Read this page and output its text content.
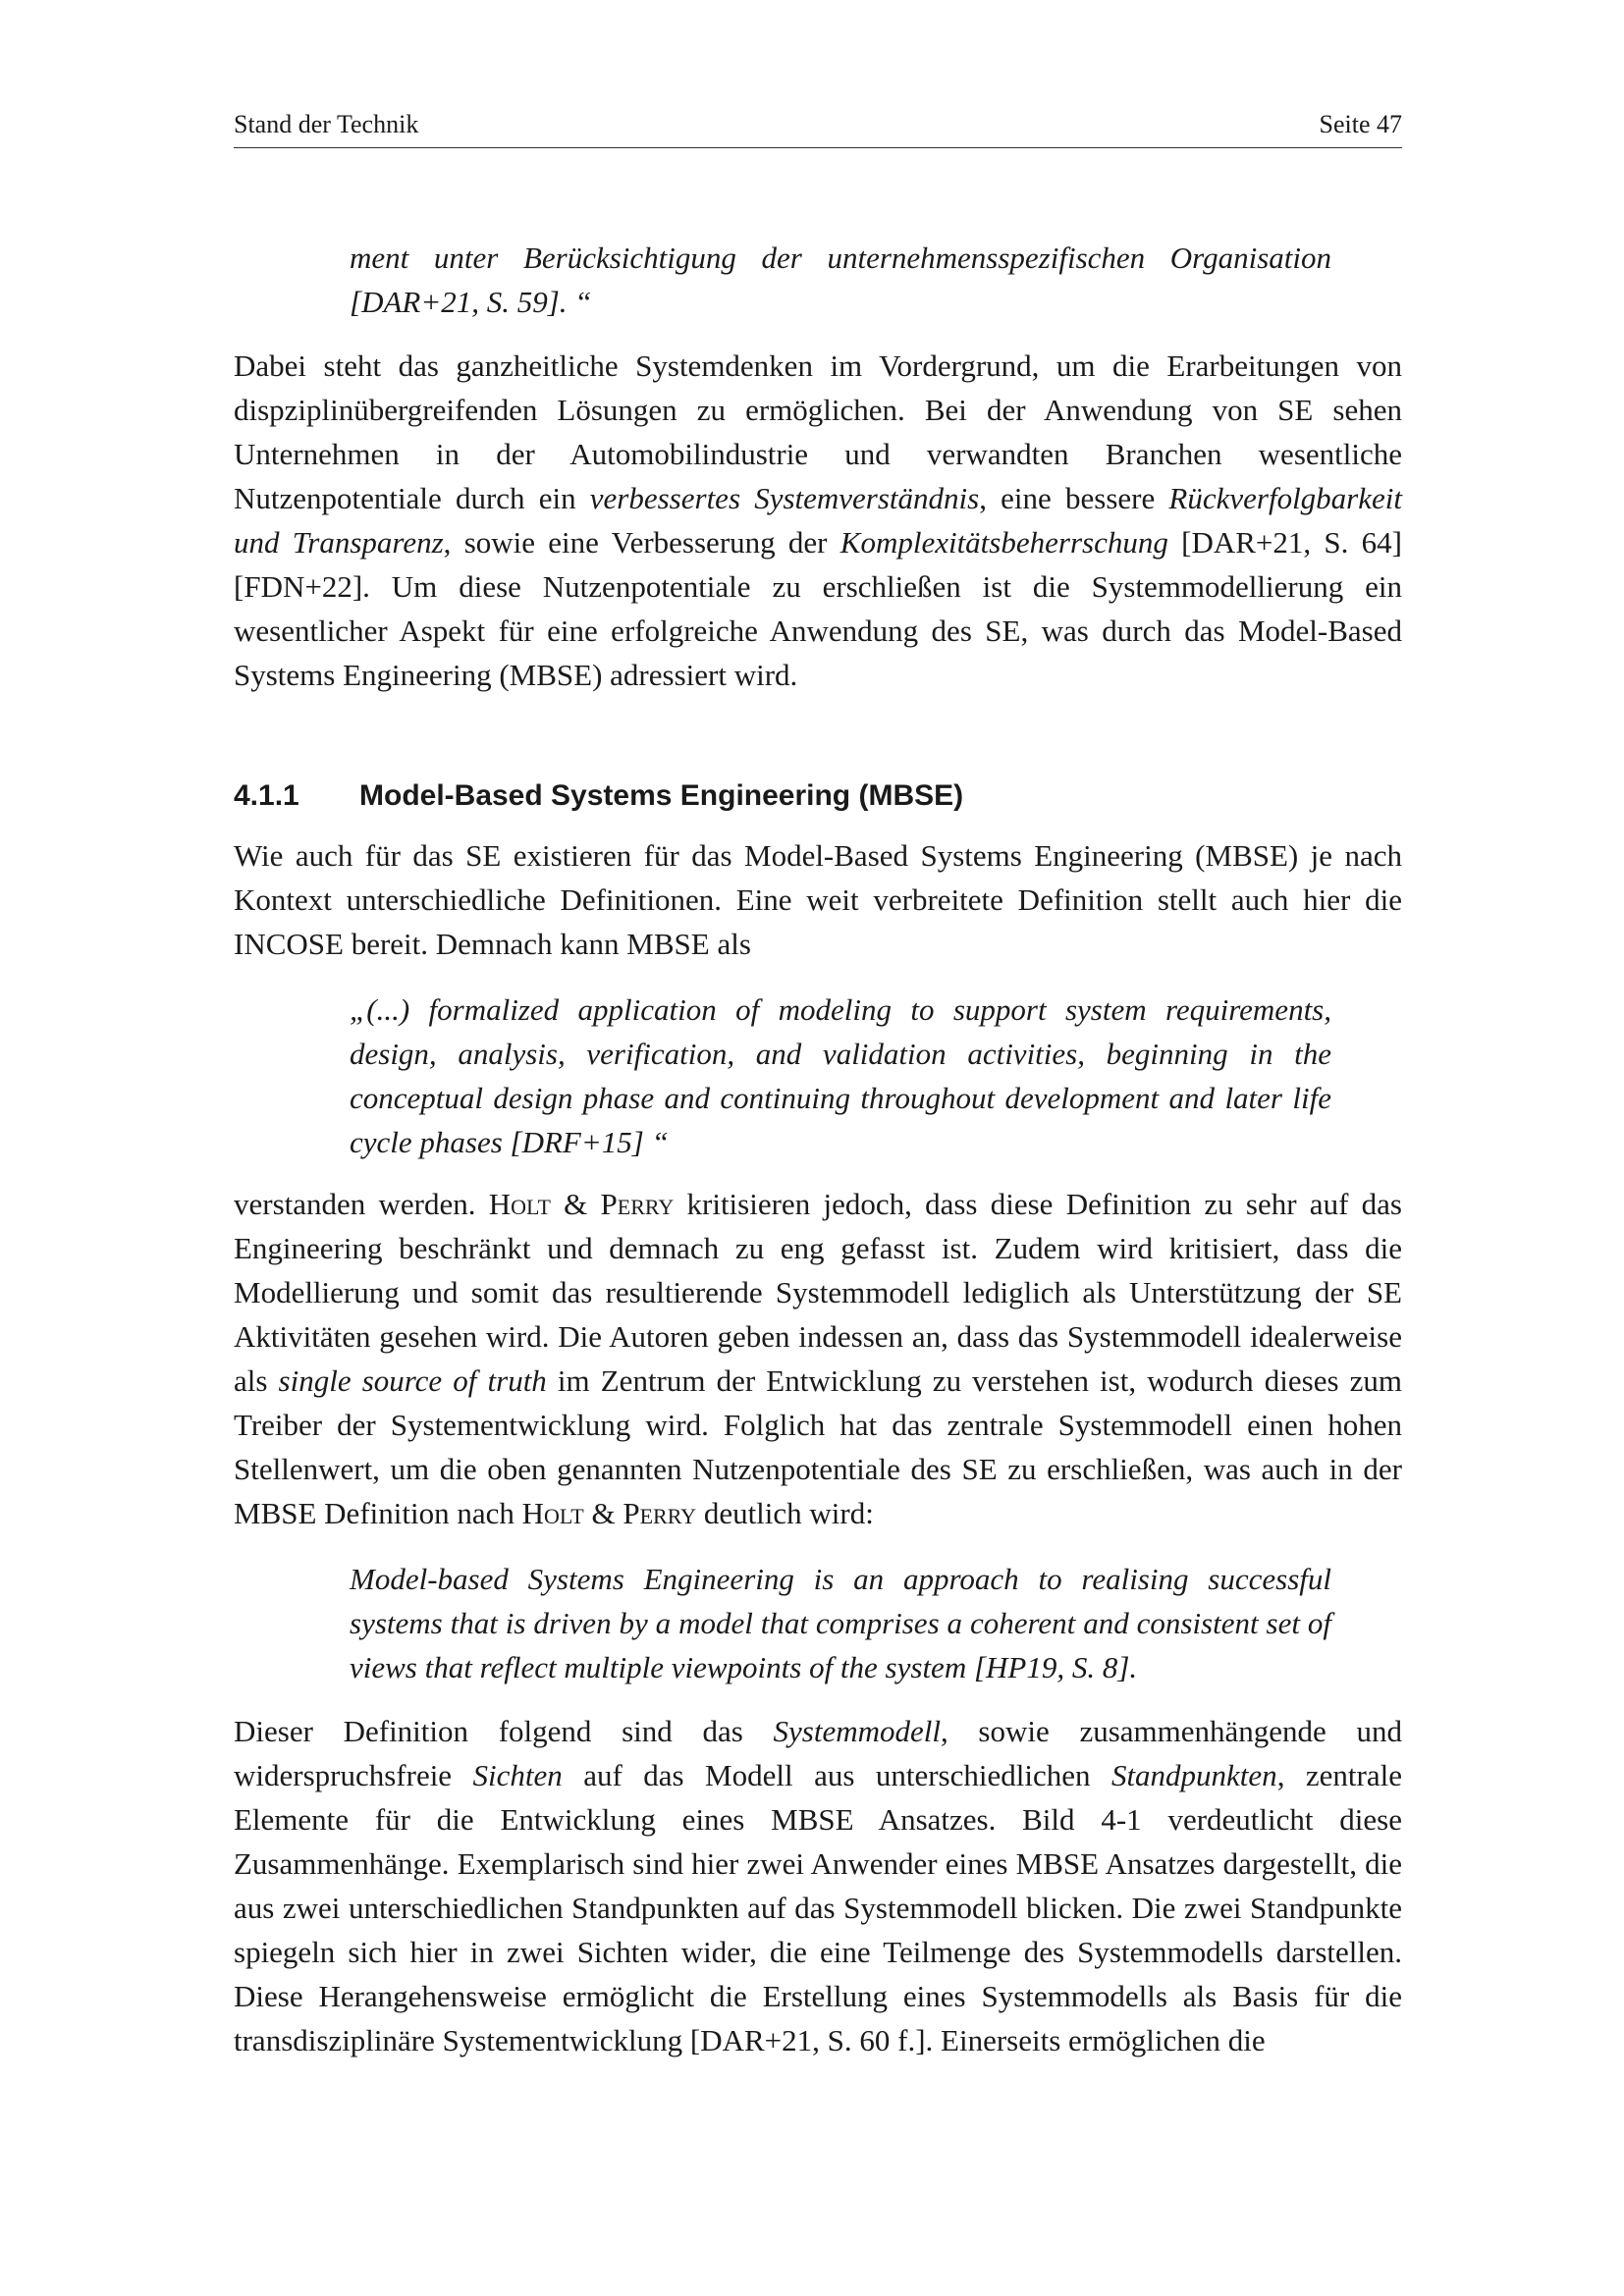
Stand der Technik	Seite 47
ment unter Berücksichtigung der unternehmensspezifischen Organisation [DAR+21, S. 59]. “

Dabei steht das ganzheitliche Systemdenken im Vordergrund, um die Erarbeitungen von dispziplinübergreifenden Lösungen zu ermöglichen. Bei der Anwendung von SE sehen Unternehmen in der Automobilindustrie und verwandten Branchen wesentliche Nutzenpotentiale durch ein verbessertes Systemverständnis, eine bessere Rückverfolgbarkeit und Transparenz, sowie eine Verbesserung der Komplexitätsbeherrschung [DAR+21, S. 64] [FDN+22]. Um diese Nutzenpotentiale zu erschließen ist die Systemmodellierung ein wesentlicher Aspekt für eine erfolgreiche Anwendung des SE, was durch das Model-Based Systems Engineering (MBSE) adressiert wird.

4.1.1 Model-Based Systems Engineering (MBSE)

Wie auch für das SE existieren für das Model-Based Systems Engineering (MBSE) je nach Kontext unterschiedliche Definitionen. Eine weit verbreitete Definition stellt auch hier die INCOSE bereit. Demnach kann MBSE als

„(...) formalized application of modeling to support system requirements, design, analysis, verification, and validation activities, beginning in the conceptual design phase and continuing throughout development and later life cycle phases [DRF+15] “

verstanden werden. Holt & Perry kritisieren jedoch, dass diese Definition zu sehr auf das Engineering beschränkt und demnach zu eng gefasst ist. Zudem wird kritisiert, dass die Modellierung und somit das resultierende Systemmodell lediglich als Unterstützung der SE Aktivitäten gesehen wird. Die Autoren geben indessen an, dass das Systemmodell idealerweise als single source of truth im Zentrum der Entwicklung zu verstehen ist, wodurch dieses zum Treiber der Systementwicklung wird. Folglich hat das zentrale Systemmodell einen hohen Stellenwert, um die oben genannten Nutzenpotentiale des SE zu erschließen, was auch in der MBSE Definition nach Holt & Perry deutlich wird:

Model-based Systems Engineering is an approach to realising successful systems that is driven by a model that comprises a coherent and consistent set of views that reflect multiple viewpoints of the system [HP19, S. 8].

Dieser Definition folgend sind das Systemmodell, sowie zusammenhängende und widerspruchsfreie Sichten auf das Modell aus unterschiedlichen Standpunkten, zentrale Elemente für die Entwicklung eines MBSE Ansatzes. Bild 4-1 verdeutlicht diese Zusammenhänge. Exemplarisch sind hier zwei Anwender eines MBSE Ansatzes dargestellt, die aus zwei unterschiedlichen Standpunkten auf das Systemmodell blicken. Die zwei Standpunkte spiegeln sich hier in zwei Sichten wider, die eine Teilmenge des Systemmodells darstellen. Diese Herangehensweise ermöglicht die Erstellung eines Systemmodells als Basis für die transdisziplinäre Systementwicklung [DAR+21, S. 60 f.]. Einerseits ermöglichen die
